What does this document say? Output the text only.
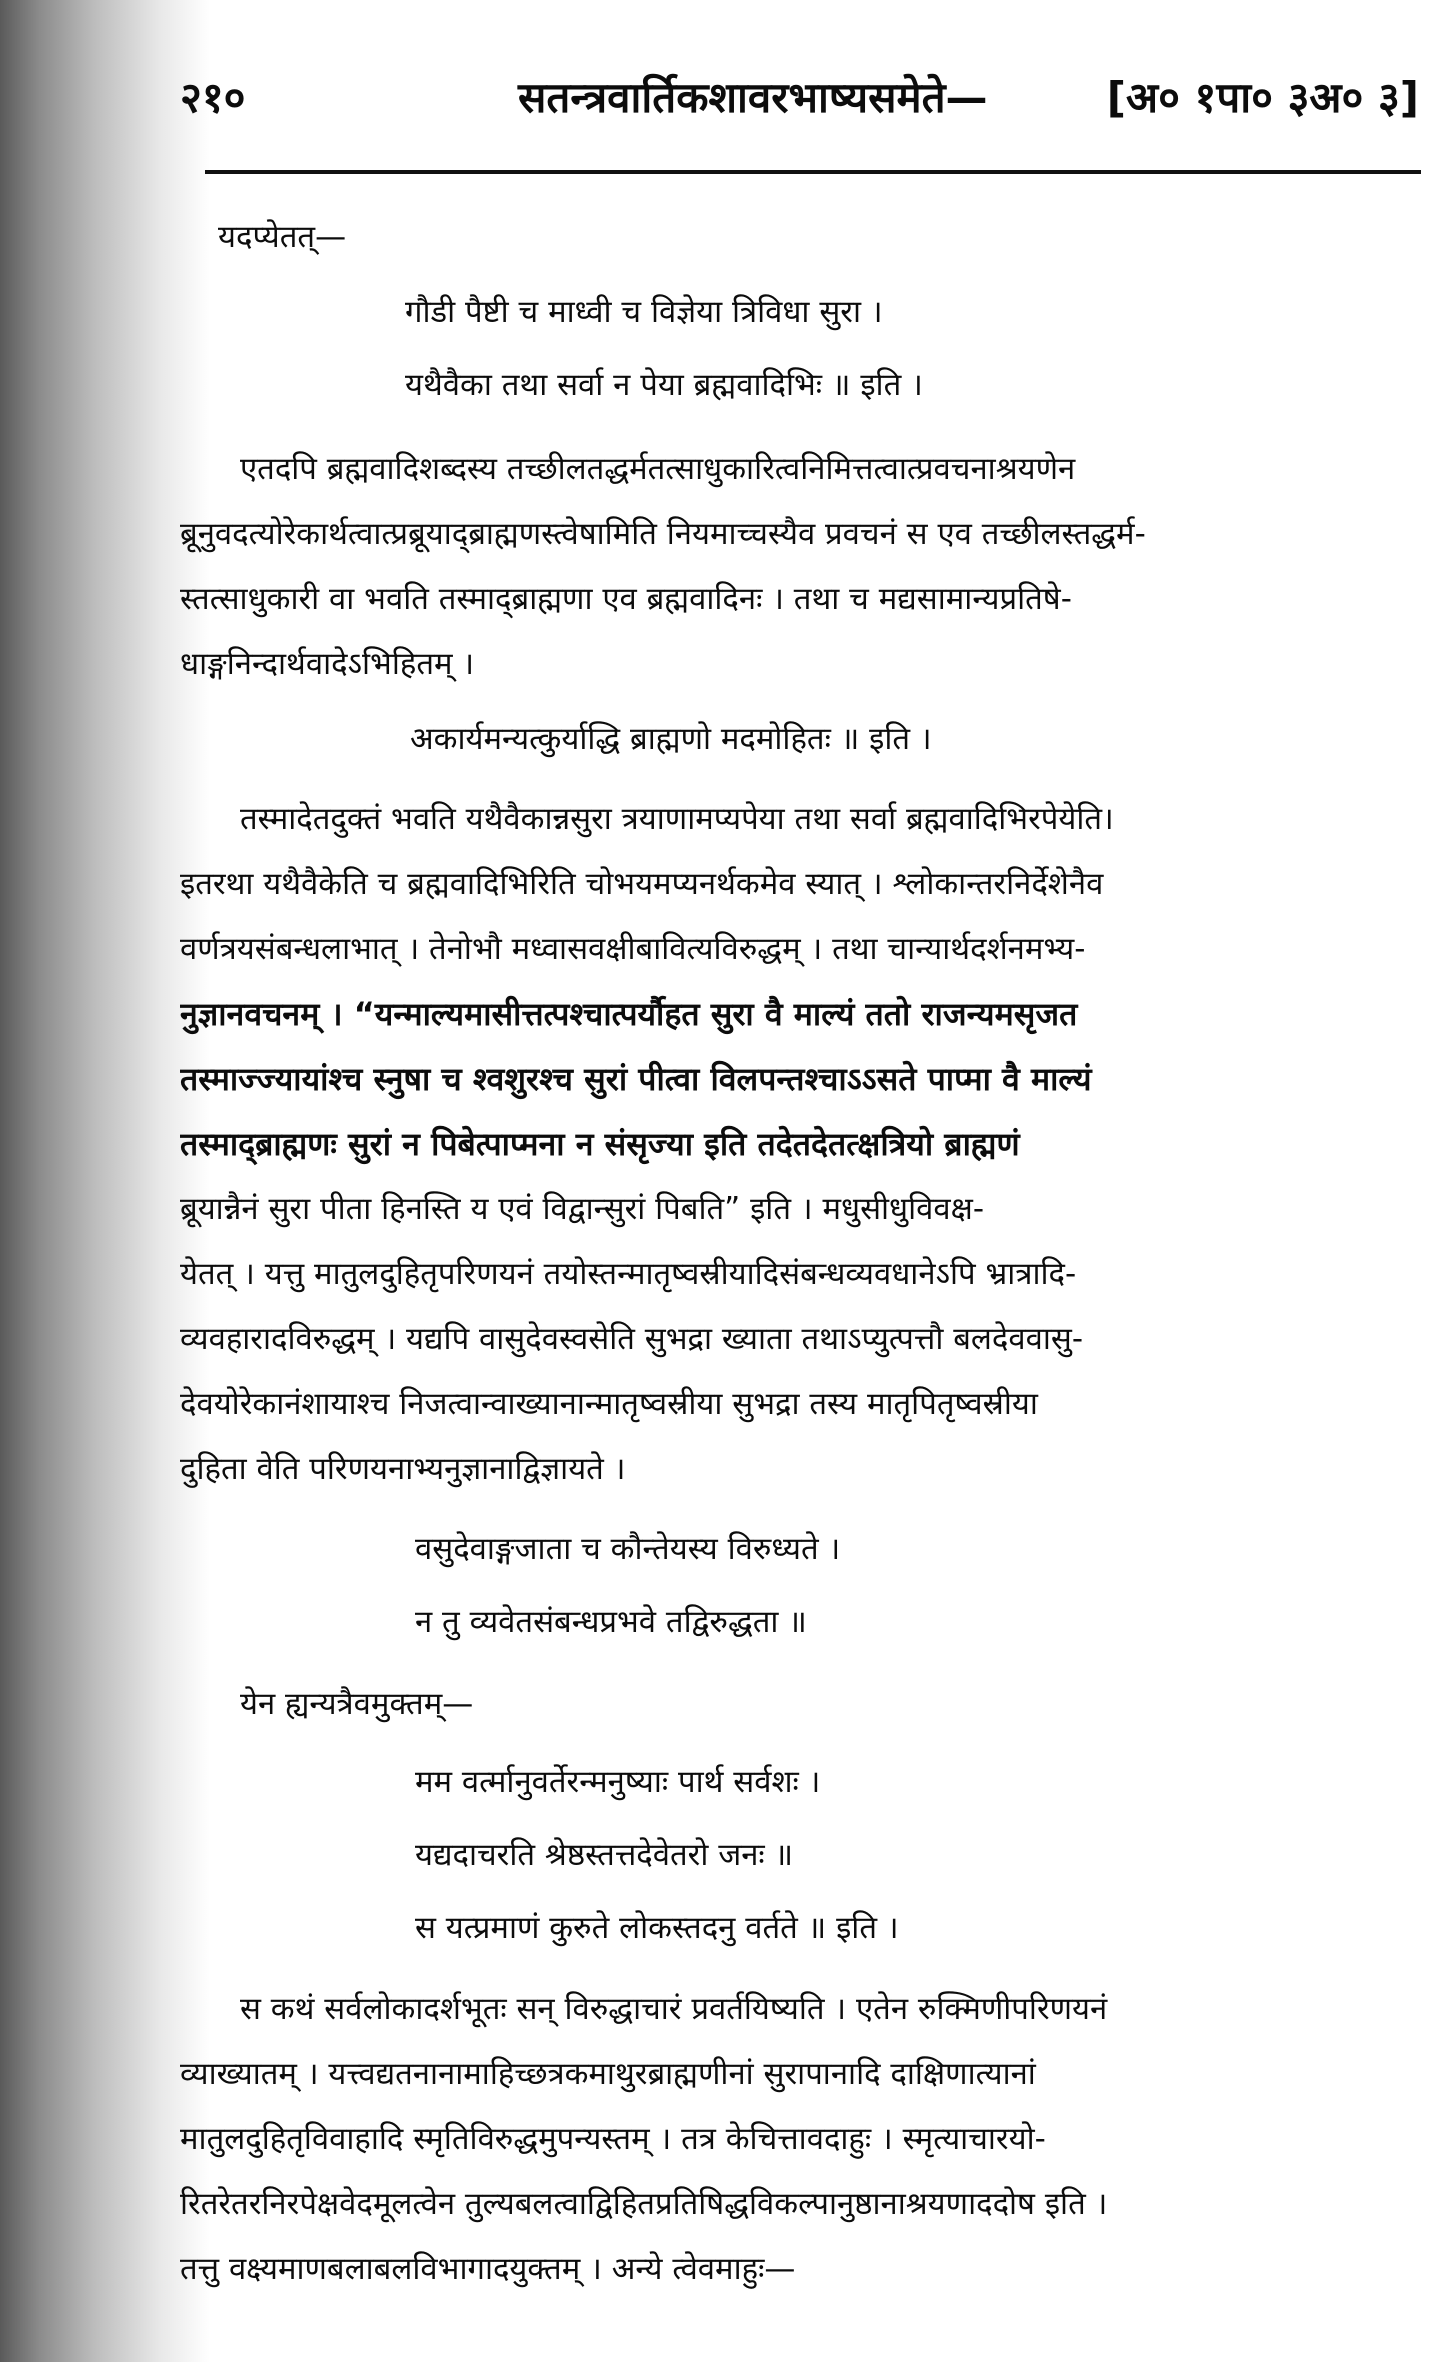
२१०	सतन्त्रवार्तिकशावरभाष्यसमेते—	[अ० १पा० ३अ० ३]
यदप्येतत्—
गौडी पैष्टी च माध्वी च विज्ञेया त्रिविधा सुरा ।
यथैवैका तथा सर्वा न पेया ब्रह्मवादिभिः ॥ इति ।
एतदपि ब्रह्मवादिशब्दस्य तच्छीलतद्धर्मतत्साधुकारित्वनिमित्तत्वात्प्रवचनाश्रयणेन
ब्रूनुवदत्योरेकार्थत्वात्प्रब्रूयाद्ब्राह्मणस्त्वेषामिति नियमाच्चस्यैव प्रवचनं स एव तच्छीलस्तद्धर्म-
स्तत्साधुकारी वा भवति तस्माद्ब्राह्मणा एव ब्रह्मवादिनः । तथा च मद्यसामान्यप्रतिषे-
धाङ्गनिन्दार्थवादेऽभिहितम् ।
अकार्यमन्यत्कुर्याद्धि ब्राह्मणो मदमोहितः ॥ इति ।
तस्मादेतदुक्तं भवति यथैवैकान्नसुरा त्रयाणामप्यपेया तथा सर्वा ब्रह्मवादिभिरपेयेति।
इतरथा यथैवैकेति च ब्रह्मवादिभिरिति चोभयमप्यनर्थकमेव स्यात् । श्लोकान्तरनिर्देशेनैव
वर्णत्रयसंबन्धलाभात् । तेनोभौ मध्वासवक्षीबावित्यविरुद्धम् । तथा चान्यार्थदर्शनमभ्य-
नुज्ञानवचनम् । “यन्माल्यमासीत्तत्पश्चात्पर्यौहत सुरा वै माल्यं ततो राजन्यमसृजत
तस्माज्ज्यायांश्च स्नुषा च श्वशुरश्च सुरां पीत्वा विलपन्तश्चाऽऽसते पाप्मा वै माल्यं
तस्माद्ब्राह्मणः सुरां न पिबेत्पाप्मना न संसृज्या इति तदेतदेतत्क्षत्रियो ब्राह्मणं
ब्रूयान्नैनं सुरा पीता हिनस्ति य एवं विद्वान्सुरां पिबति” इति । मधुसीधुविवक्ष-
येतत् । यत्तु मातुलदुहितृपरिणयनं तयोस्तन्मातृष्वस्रीयादिसंबन्धव्यवधानेऽपि भ्रात्रादि-
व्यवहारादविरुद्धम् । यद्यपि वासुदेवस्वसेति सुभद्रा ख्याता तथाऽप्युत्पत्तौ बलदेववासु-
देवयोरेकानंशायाश्च निजत्वान्वाख्यानान्मातृष्वस्रीया सुभद्रा तस्य मातृपितृष्वस्रीया
दुहिता वेति परिणयनाभ्यनुज्ञानाद्विज्ञायते ।
वसुदेवाङ्गजाता च कौन्तेयस्य विरुध्यते ।
न तु व्यवेतसंबन्धप्रभवे तद्विरुद्धता ॥
येन ह्यन्यत्रैवमुक्तम्—
मम वर्त्मानुवर्तेरन्मनुष्याः पार्थ सर्वशः ।
यद्यदाचरति श्रेष्ठस्तत्तदेवेतरो जनः ॥
स यत्प्रमाणं कुरुते लोकस्तदनु वर्तते ॥ इति ।
स कथं सर्वलोकादर्शभूतः सन् विरुद्धाचारं प्रवर्तयिष्यति । एतेन रुक्मिणीपरिणयनं
व्याख्यातम् । यत्त्वद्यतनानामाहिच्छत्रकमाथुरब्राह्मणीनां सुरापानादि दाक्षिणात्यानां
मातुलदुहितृविवाहादि स्मृतिविरुद्धमुपन्यस्तम् । तत्र केचित्तावदाहुः । स्मृत्याचारयो-
रितरेतरनिरपेक्षवेदमूलत्वेन तुल्यबलत्वाद्विहितप्रतिषिद्धविकल्पानुष्ठानाश्रयणाददोष इति ।
तत्तु वक्ष्यमाणबलाबलविभागादयुक्तम् । अन्ये त्वेवमाहुः—
